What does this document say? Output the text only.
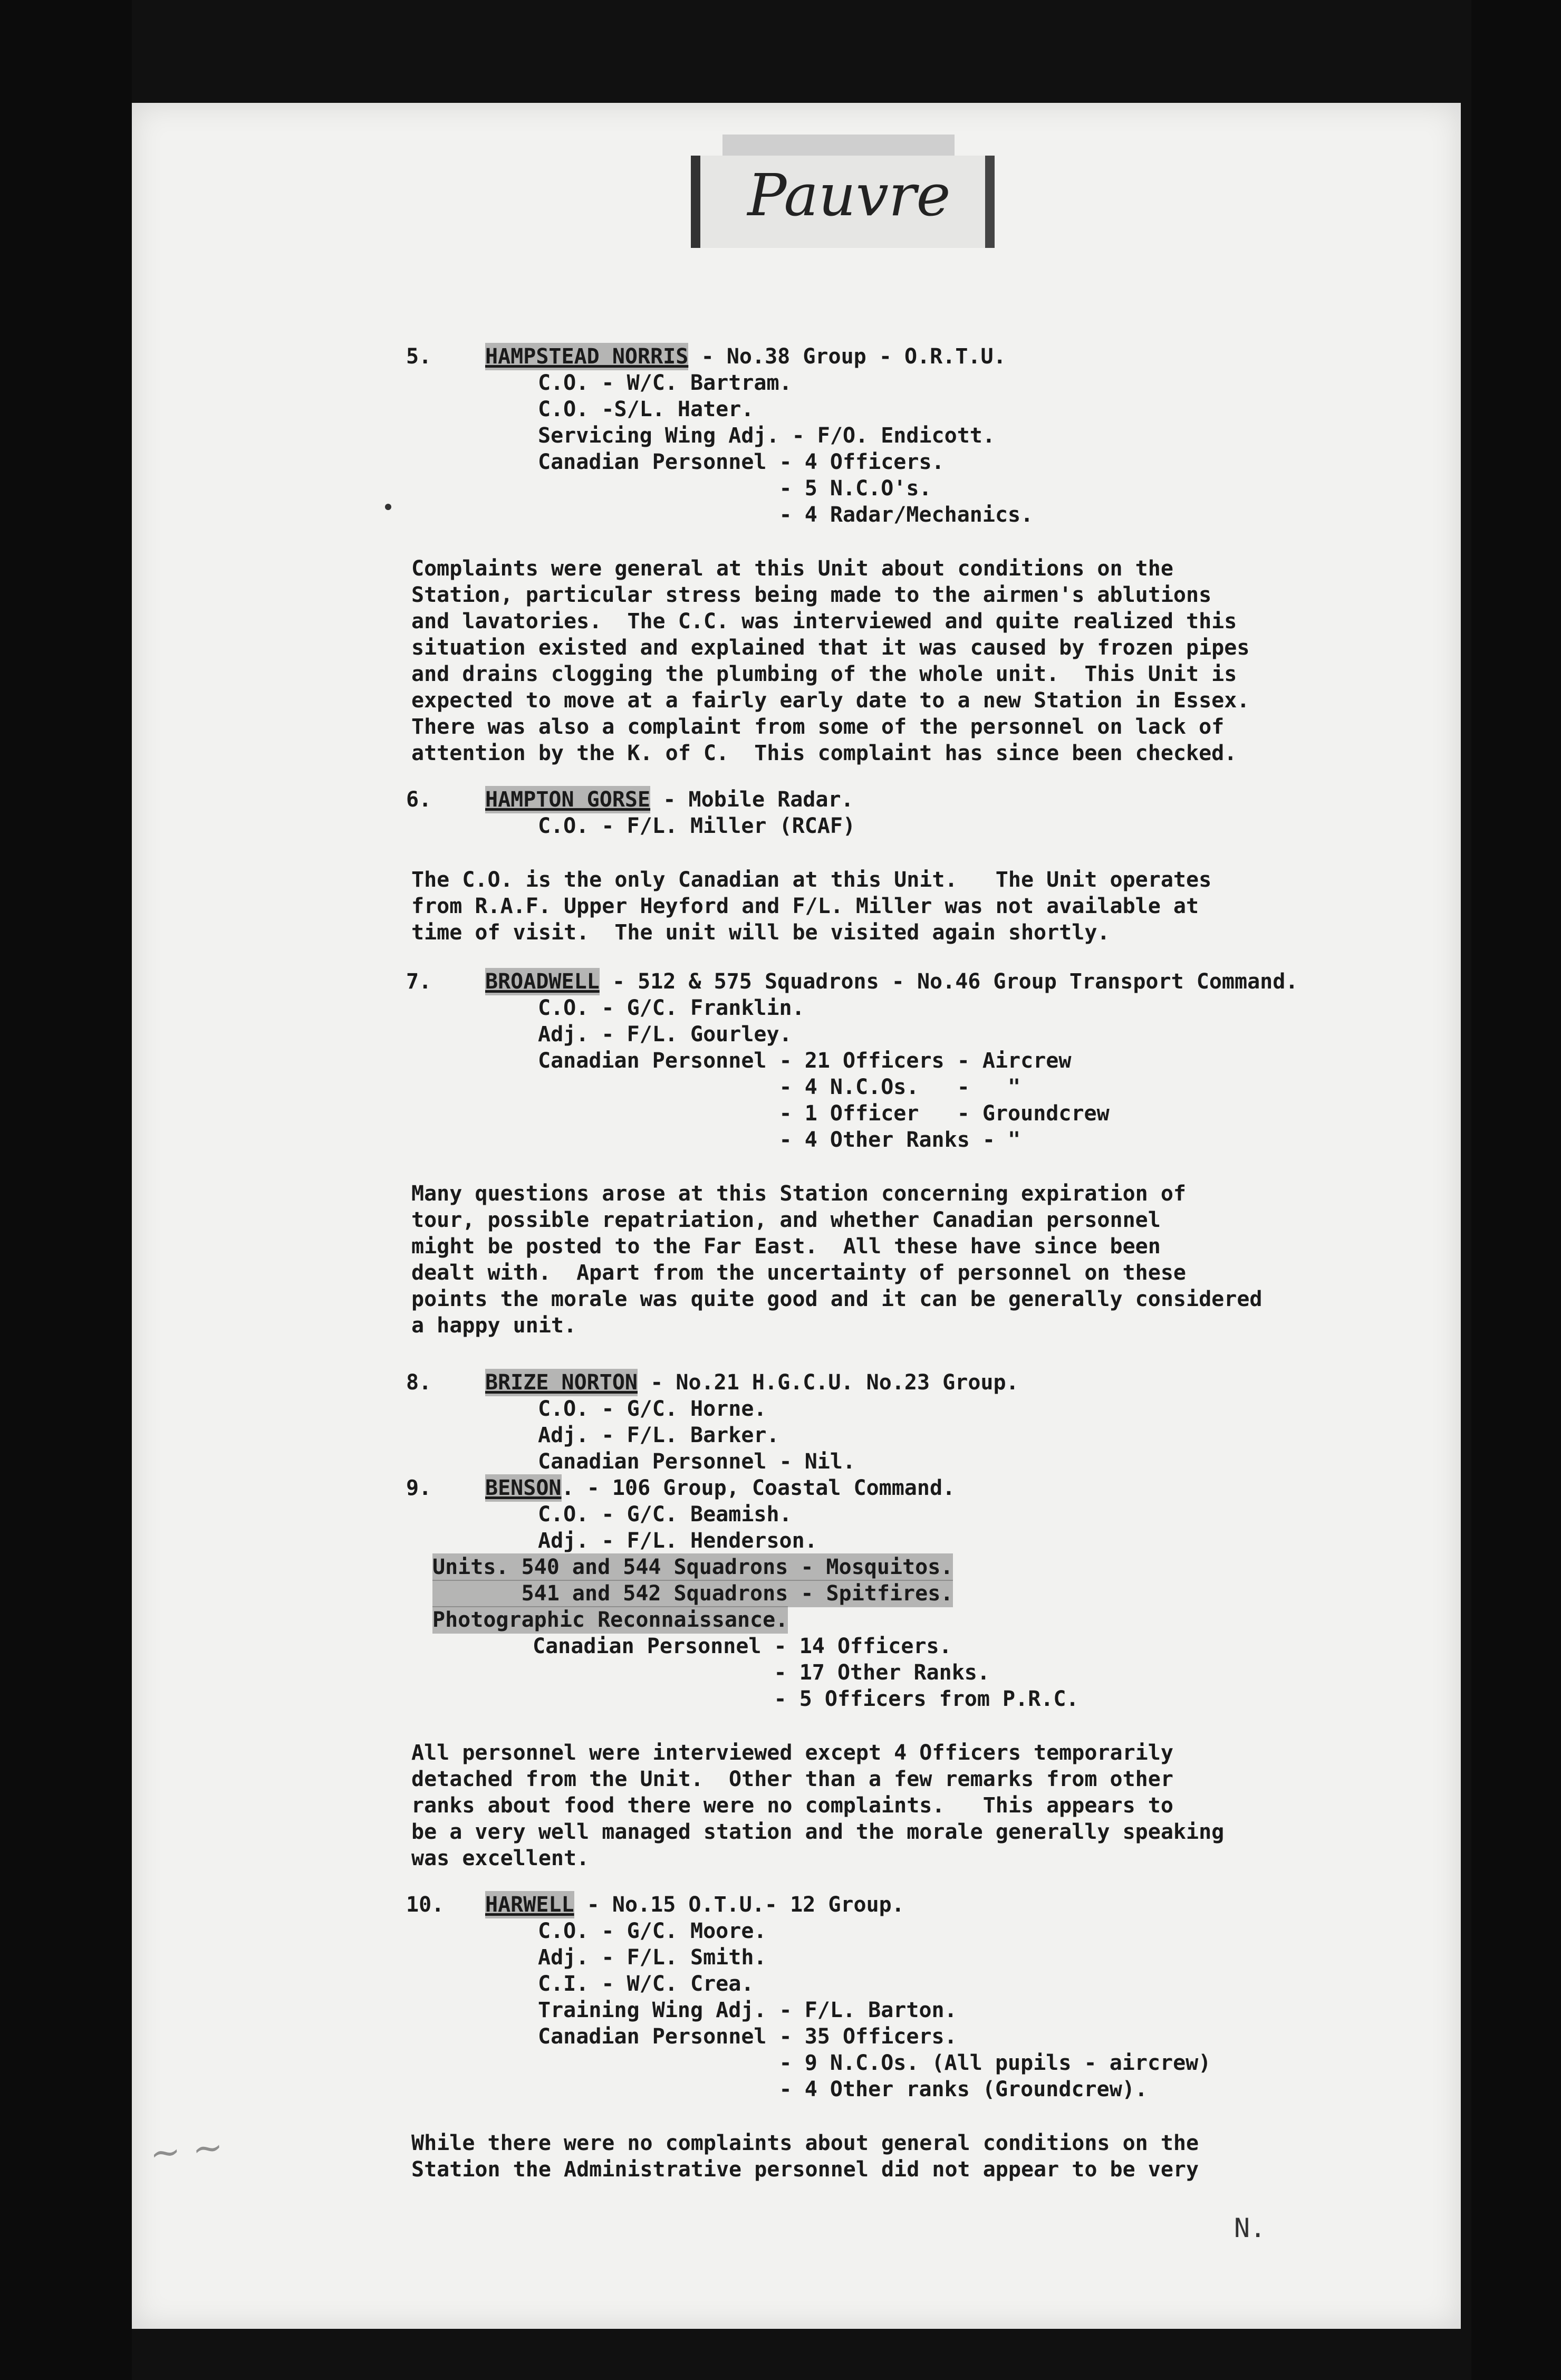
Pauvre
5.	HAMPSTEAD NORRIS - No.38 Group - O.R.T.U.
C.O. - W/C. Bartram.
C.O. -S/L. Hater.
Servicing Wing Adj. - F/O. Endicott.
Canadian Personnel - 4 Officers.
- 5 N.C.O's.
- 4 Radar/Mechanics.
Complaints were general at this Unit about conditions on the
Station, particular stress being made to the airmen's ablutions
and lavatories.  The C.C. was interviewed and quite realized this
situation existed and explained that it was caused by frozen pipes
and drains clogging the plumbing of the whole unit.  This Unit is
expected to move at a fairly early date to a new Station in Essex.
There was also a complaint from some of the personnel on lack of
attention by the K. of C.  This complaint has since been checked.
6.	HAMPTON GORSE - Mobile Radar.
C.O. - F/L. Miller (RCAF)
The C.O. is the only Canadian at this Unit.   The Unit operates
from R.A.F. Upper Heyford and F/L. Miller was not available at
time of visit.  The unit will be visited again shortly.
7.	BROADWELL - 512 & 575 Squadrons - No.46 Group Transport Command.
C.O. - G/C. Franklin.
Adj. - F/L. Gourley.
Canadian Personnel - 21 Officers - Aircrew
- 4 N.C.Os.   -   "
- 1 Officer   - Groundcrew
- 4 Other Ranks - "
Many questions arose at this Station concerning expiration of
tour, possible repatriation, and whether Canadian personnel
might be posted to the Far East.  All these have since been
dealt with.  Apart from the uncertainty of personnel on these
points the morale was quite good and it can be generally considered
a happy unit.
8.	BRIZE NORTON - No.21 H.G.C.U. No.23 Group.
C.O. - G/C. Horne.
Adj. - F/L. Barker.
Canadian Personnel - Nil.
9.	BENSON . - 106 Group, Coastal Command.
C.O. - G/C. Beamish.
Adj. - F/L. Henderson.
Units. 540 and 544 Squadrons - Mosquitos.
541 and 542 Squadrons - Spitfires.
Photographic Reconnaissance.
Canadian Personnel - 14 Officers.
- 17 Other Ranks.
- 5 Officers from P.R.C.
All personnel were interviewed except 4 Officers temporarily
detached from the Unit.  Other than a few remarks from other
ranks about food there were no complaints.   This appears to
be a very well managed station and the morale generally speaking
was excellent.
10. HARWELL - No.15 O.T.U.- 12 Group.
C.O. - G/C. Moore.
Adj. - F/L. Smith.
C.I. - W/C. Crea.
Training Wing Adj. - F/L. Barton.
Canadian Personnel - 35 Officers.
- 9 N.C.Os. (All pupils - aircrew)
- 4 Other ranks (Groundcrew).
While there were no complaints about general conditions on the
Station the Administrative personnel did not appear to be very
~ ~
N.
